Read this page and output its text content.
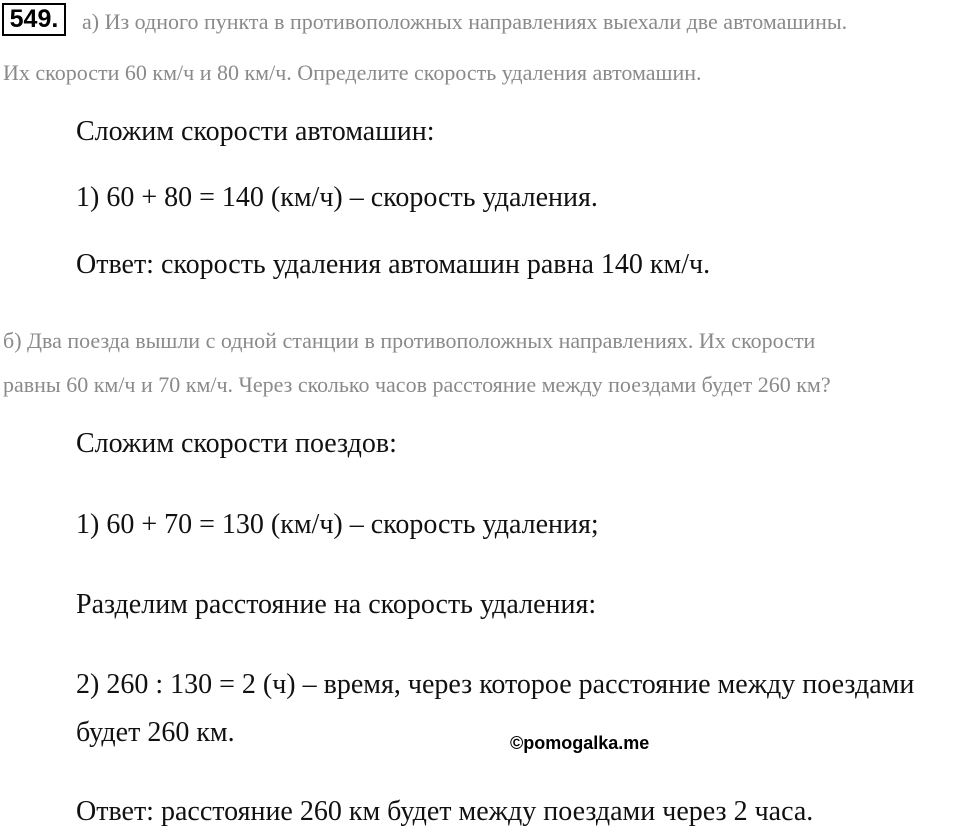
549.	а) Из одного пункта в противоположных направлениях выехали две автомашины.
Их скорости 60 км/ч и 80 км/ч. Определите скорость удаления автомашин.
Сложим скорости автомашин:
1) 60 + 80 = 140 (км/ч) – скорость удаления.
Ответ: скорость удаления автомашин равна 140 км/ч.
б) Два поезда вышли с одной станции в противоположных направлениях. Их скорости
равны 60 км/ч и 70 км/ч. Через сколько часов расстояние между поездами будет 260 км?
Сложим скорости поездов:
1) 60 + 70 = 130 (км/ч) – скорость удаления;
Разделим расстояние на скорость удаления:
2) 260 : 130 = 2 (ч) – время, через которое расстояние между поездами
будет 260 км.
Ответ: расстояние 260 км будет между поездами через 2 часа.
©pomogalka.me
